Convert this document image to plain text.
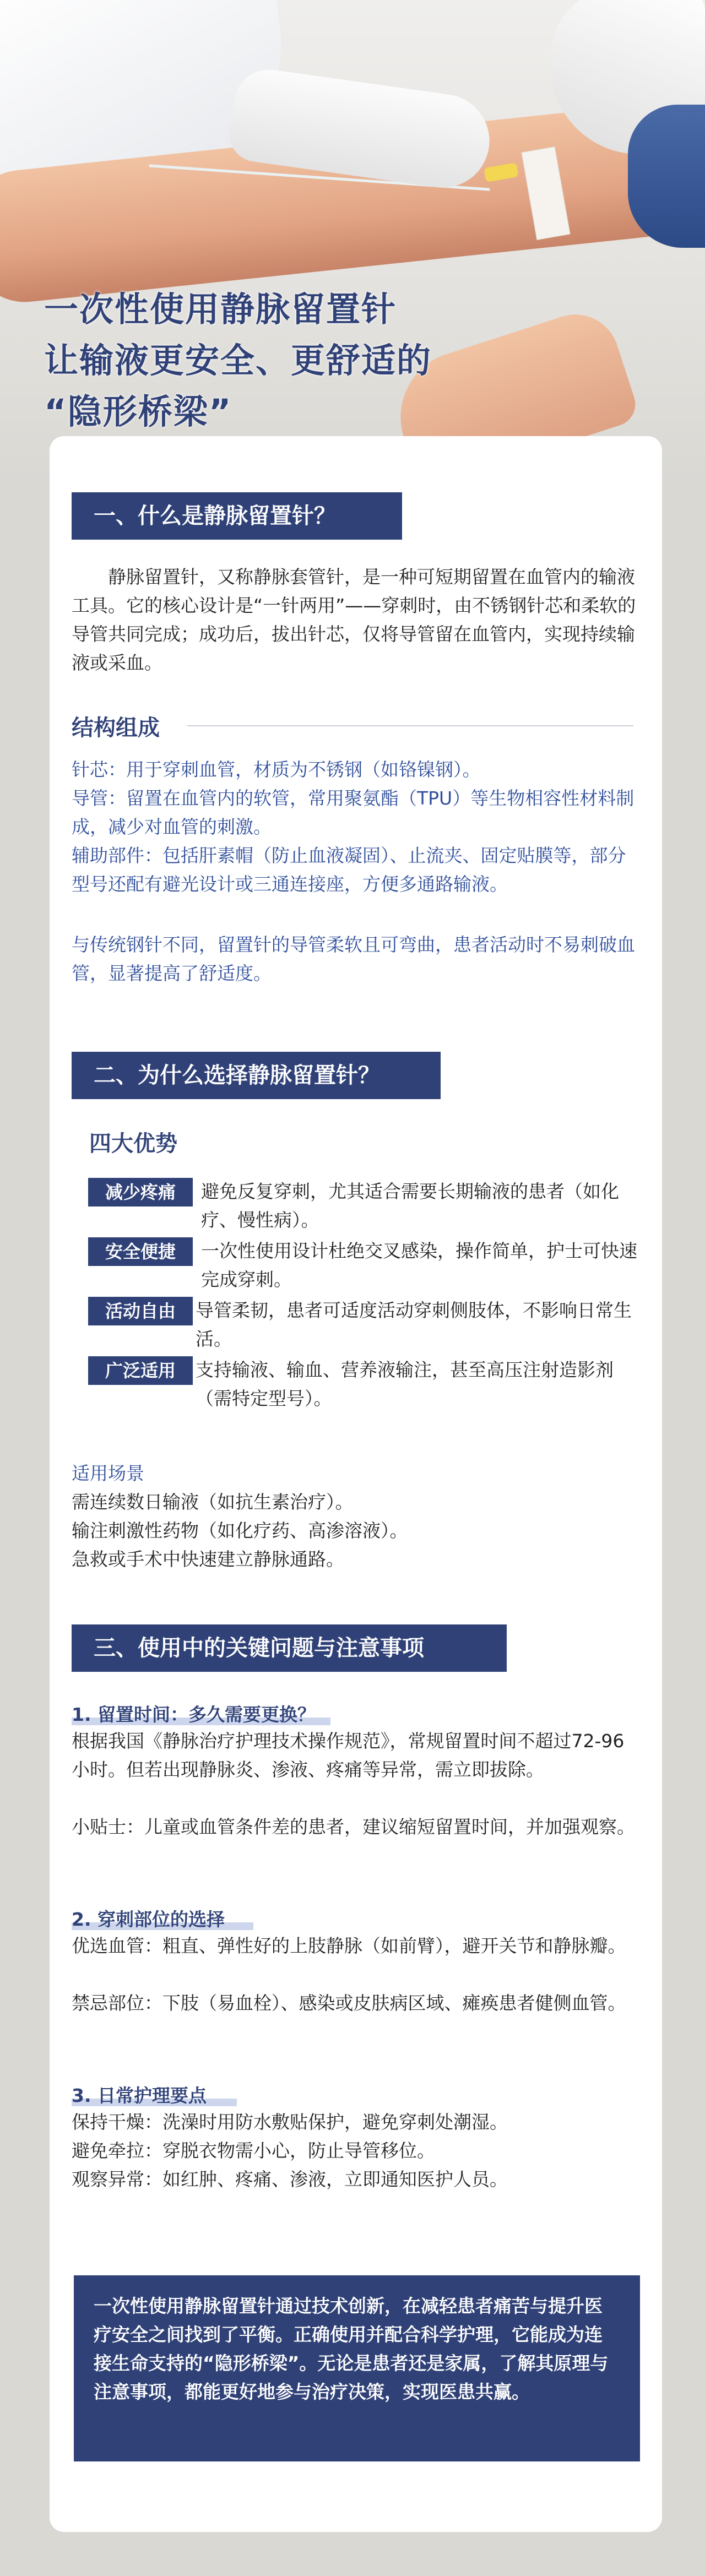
一次性使用静脉留置针
让输液更安全、更舒适的
“隐形桥梁”
一、什么是静脉留置针？

静脉留置针，又称静脉套管针，是一种可短期留置在血管内的输液工具。它的核心设计是“一针两用”——穿刺时，由不锈钢针芯和柔软的导管共同完成；成功后，拔出针芯，仅将导管留在血管内，实现持续输液或采血。

结构组成

针芯：用于穿刺血管，材质为不锈钢（如铬镍钢）。

导管：留置在血管内的软管，常用聚氨酯（TPU）等生物相容性材料制成，减少对血管的刺激。

辅助部件：包括肝素帽（防止血液凝固）、止流夹、固定贴膜等，部分型号还配有避光设计或三通连接座，方便多通路输液。

与传统钢针不同，留置针的导管柔软且可弯曲，患者活动时不易刺破血管，显著提高了舒适度。

二、为什么选择静脉留置针？
四大优势
减少疼痛	避免反复穿刺，尤其适合需要长期输液的患者（如化疗、慢性病）。

安全便捷	一次性使用设计杜绝交叉感染，操作简单，护士可快速完成穿刺。

活动自由	导管柔韧，患者可适度活动穿刺侧肢体，不影响日常生活。

广泛适用	支持输液、输血、营养液输注，甚至高压注射造影剂（需特定型号）。

适用场景

需连续数日输液（如抗生素治疗）。

输注刺激性药物（如化疗药、高渗溶液）。

急救或手术中快速建立静脉通路。

三、使用中的关键问题与注意事项
1. 留置时间：多久需要更换？

根据我国《静脉治疗护理技术操作规范》，常规留置时间不超过72-96小时。但若出现静脉炎、渗液、疼痛等异常，需立即拔除。

小贴士：儿童或血管条件差的患者，建议缩短留置时间，并加强观察。

2. 穿刺部位的选择

优选血管：粗直、弹性好的上肢静脉（如前臂），避开关节和静脉瓣。

禁忌部位：下肢（易血栓）、感染或皮肤病区域、瘫痪患者健侧血管。

3. 日常护理要点

保持干燥：洗澡时用防水敷贴保护，避免穿刺处潮湿。

避免牵拉：穿脱衣物需小心，防止导管移位。

观察异常：如红肿、疼痛、渗液，立即通知医护人员。

一次性使用静脉留置针通过技术创新，在减轻患者痛苦与提升医疗安全之间找到了平衡。正确使用并配合科学护理，它能成为连接生命支持的“隐形桥梁”。无论是患者还是家属，了解其原理与注意事项，都能更好地参与治疗决策，实现医患共赢。
